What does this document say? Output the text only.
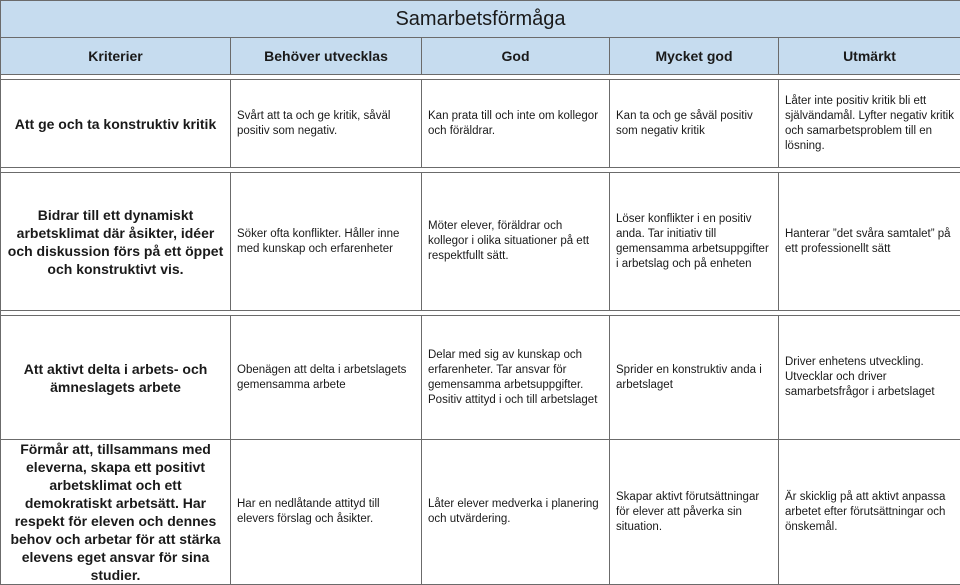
Samarbetsförmåga				
Kriterier	Behöver utvecklas	God	Mycket god	Utmärkt

Att ge och ta konstruktiv kritik	Svårt att ta och ge kritik, såväl positiv som negativ.	Kan prata till och inte om kollegor och föräldrar.	Kan ta och ge såväl positiv som negativ kritik	Låter inte positiv kritik bli ett självändamål. Lyfter negativ kritik och samarbetsproblem till en lösning.

Bidrar till ett dynamiskt arbetsklimat där åsikter, idéer och diskussion förs på ett öppet och konstruktivt vis.	Söker ofta konflikter. Håller inne med kunskap och erfarenheter	Möter elever, föräldrar och kollegor i olika situationer på ett respektfullt sätt.	Löser konflikter i en positiv anda. Tar initiativ till gemensamma arbetsuppgifter i arbetslag och på enheten	Hanterar ”det svåra samtalet” på ett professionellt sätt

Att aktivt delta i arbets- och ämneslagets arbete	Obenägen att delta i arbetslagets gemensamma arbete	Delar med sig av kunskap och erfarenheter. Tar ansvar för gemensamma arbetsuppgifter. Positiv attityd i och till arbetslaget	Sprider en konstruktiv anda i arbetslaget	Driver enhetens utveckling. Utvecklar och driver samarbetsfrågor i arbetslaget
Förmår att, tillsammans med eleverna, skapa ett positivt arbetsklimat och ett demokratiskt arbetsätt. Har respekt för eleven och dennes behov och arbetar för att stärka elevens eget ansvar för sina studier.	Har en nedlåtande attityd till elevers förslag och åsikter.	Låter elever medverka i planering och utvärdering.	Skapar aktivt förutsättningar för elever att påverka sin situation.	Är skicklig på att aktivt anpassa arbetet efter förutsättningar och önskemål.
